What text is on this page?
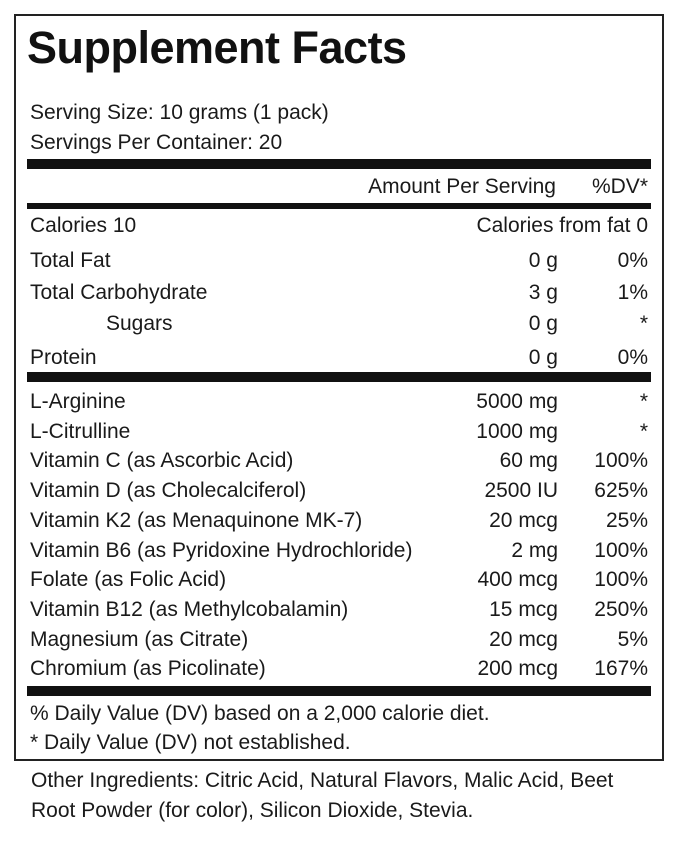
Supplement Facts
Serving Size: 10 grams (1 pack)
Servings Per Container: 20
Amount Per Serving %DV*
Calories 10	Calories from fat 0
Total Fat	0 g	0%
Total Carbohydrate	3 g	1%
Sugars	0 g	*
Protein	0 g	0%
L-Arginine	5000 mg	*
L-Citrulline	1000 mg	*
Vitamin C (as Ascorbic Acid)	60 mg 100%
Vitamin D (as Cholecalciferol)	2500 IU 625%
Vitamin K2 (as Menaquinone MK-7)	20 mcg 25%
Vitamin B6 (as Pyridoxine Hydrochloride)	2 mg 100%
Folate (as Folic Acid)	400 mcg 100%
Vitamin B12 (as Methylcobalamin)	15 mcg 250%
Magnesium (as Citrate)	20 mcg	5%
Chromium (as Picolinate)	200 mcg 167%
% Daily Value (DV) based on a 2,000 calorie diet.
* Daily Value (DV) not established.
Other Ingredients: Citric Acid, Natural Flavors, Malic Acid, Beet Root Powder (for color), Silicon Dioxide, Stevia.
